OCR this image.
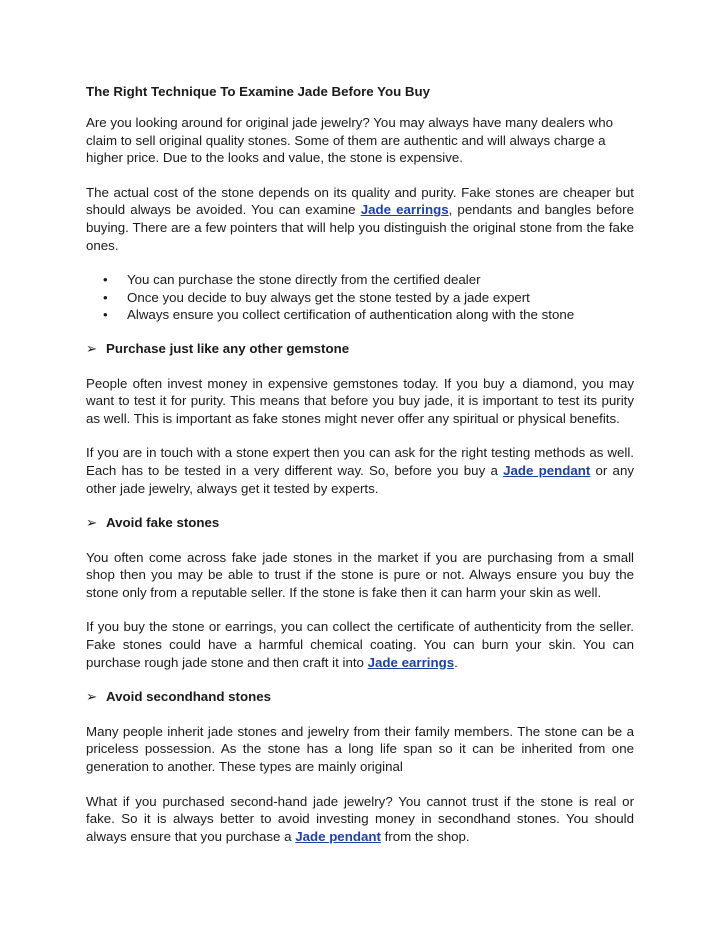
The Right Technique To Examine Jade Before You Buy

Are you looking around for original jade jewelry? You may always have many dealers who claim to sell original quality stones. Some of them are authentic and will always charge a higher price. Due to the looks and value, the stone is expensive.

The actual cost of the stone depends on its quality and purity. Fake stones are cheaper but should always be avoided. You can examine Jade earrings, pendants and bangles before buying. There are a few pointers that will help you distinguish the original stone from the fake ones.

• You can purchase the stone directly from the certified dealer
• Once you decide to buy always get the stone tested by a jade expert
• Always ensure you collect certification of authentication along with the stone
➢ Purchase just like any other gemstone

People often invest money in expensive gemstones today. If you buy a diamond, you may want to test it for purity. This means that before you buy jade, it is important to test its purity as well. This is important as fake stones might never offer any spiritual or physical benefits.

If you are in touch with a stone expert then you can ask for the right testing methods as well. Each has to be tested in a very different way. So, before you buy a Jade pendant or any other jade jewelry, always get it tested by experts.

➢ Avoid fake stones

You often come across fake jade stones in the market if you are purchasing from a small shop then you may be able to trust if the stone is pure or not. Always ensure you buy the stone only from a reputable seller. If the stone is fake then it can harm your skin as well.

If you buy the stone or earrings, you can collect the certificate of authenticity from the seller. Fake stones could have a harmful chemical coating. You can burn your skin. You can purchase rough jade stone and then craft it into Jade earrings.

➢ Avoid secondhand stones

Many people inherit jade stones and jewelry from their family members. The stone can be a priceless possession. As the stone has a long life span so it can be inherited from one generation to another. These types are mainly original

What if you purchased second-hand jade jewelry? You cannot trust if the stone is real or fake. So it is always better to avoid investing money in secondhand stones. You should always ensure that you purchase a Jade pendant from the shop.
